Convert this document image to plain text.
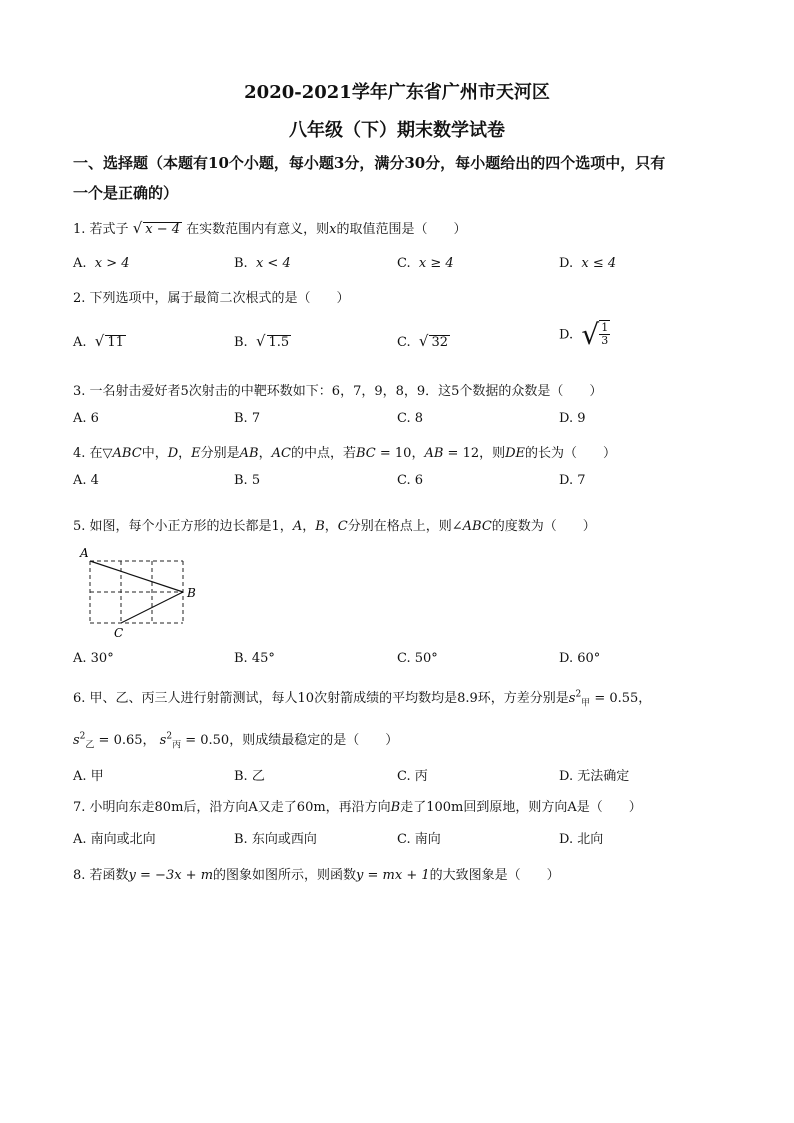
2020-2021学年广东省广州市天河区
八年级（下）期末数学试卷
一、选择题（本题有10个小题，每小题3分，满分30分，每小题给出的四个选项中，只有
一个是正确的）
1. 若式子 √ x − 4 在实数范围内有意义，则x的取值范围是（　　）
A. x > 4	B. x < 4	C. x ≥ 4	D. x ≤ 4
2. 下列选项中，属于最简二次根式的是（　　）
A. √ 11	B. √ 1.5	C. √ 32	D. √ $\frac{1}{3}$
3. 一名射击爱好者5次射击的中靶环数如下：6，7，9，8，9．这5个数据的众数是（　　）
A. 6	B. 7	C. 8	D. 9
4. 在▽ABC中，D，E分别是AB，AC的中点，若BC = 10，AB = 12，则DE的长为（　　）
A. 4	B. 5	C. 6	D. 7
5. 如图，每个小正方形的边长都是1，A，B，C分别在格点上，则∠ABC的度数为（　　）
A
B
C
A. 30°	B. 45°	C. 50°	D. 60°
6. 甲、乙、丙三人进行射箭测试，每人10次射箭成绩的平均数均是8.9环，方差分别是$s^2_甲 = 0.55$，
$s^2_乙 = 0.65$， $s^2_丙 = 0.50$，则成绩最稳定的是（　　）
A. 甲	B. 乙	C. 丙	D. 无法确定
7. 小明向东走80m后，沿方向A又走了60m，再沿方向B走了100m回到原地，则方向A是（　　）
A. 南向或北向	B. 东向或西向	C. 南向	D. 北向
8. 若函数y = −3x + m的图象如图所示，则函数y = mx + 1的大致图象是（　　）
